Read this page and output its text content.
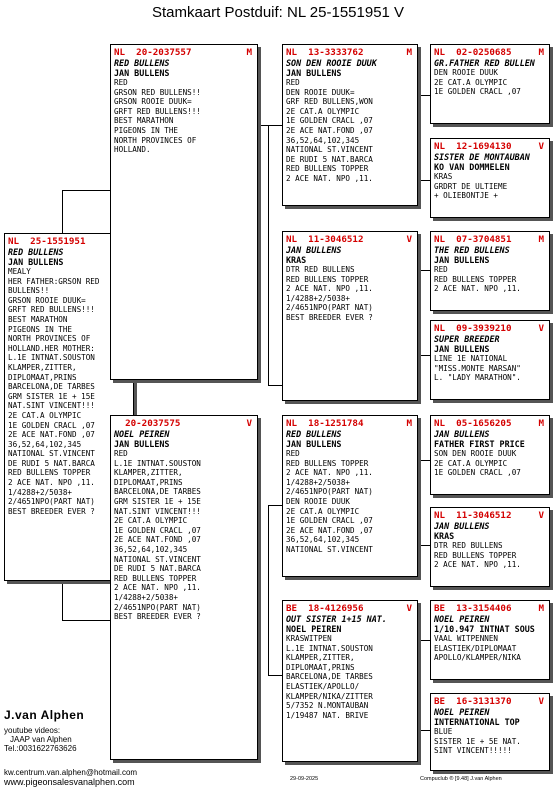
Stamkaart Postduif: NL 25-1551951 V
NL 25-1551951
RED BULLENS
JAN BULLENS
MEALY
HER FATHER:GRSON RED BULLENS!!
GRSON ROOIE DUUK=
GRFT RED BULLENS!!!
BEST MARATHON
PIGEONS IN THE
NORTH PROVINCES OF
HOLLAND.HER MOTHER:
L.1E INTNAT.SOUSTON
KLAMPER,ZITTER,
DIPLOMAAT,PRINS
BARCELONA,DE TARBES
GRM SISTER 1E + 15E
NAT.SINT VINCENT!!!
2E CAT.A OLYMPIC
1E GOLDEN CRACL ,07
2E ACE NAT.FOND ,07
36,52,64,102,345
NATIONAL ST.VINCENT
DE RUDI 5 NAT.BARCA
RED BULLENS TOPPER
2 ACE NAT. NPO ,11.
1/4288+2/5038+
2/4651NPO(PART NAT)
BEST BREEDER EVER ?
NL 20-2037557	M
RED BULLENS
JAN BULLENS
RED
GRSON RED BULLENS!!
GRSON ROOIE DUUK=
GRFT RED BULLENS!!!
BEST MARATHON
PIGEONS IN THE
NORTH PROVINCES OF
HOLLAND.
20-2037575	V
NOEL PEIREN
JAN BULLENS
RED
L.1E INTNAT.SOUSTON
KLAMPER,ZITTER,
DIPLOMAAT,PRINS
BARCELONA,DE TARBES
GRM SISTER 1E + 15E
NAT.SINT VINCENT!!!
2E CAT.A OLYMPIC
1E GOLDEN CRACL ,07
2E ACE NAT.FOND ,07
36,52,64,102,345
NATIONAL ST.VINCENT
DE RUDI 5 NAT.BARCA
RED BULLENS TOPPER
2 ACE NAT. NPO ,11.
1/4288+2/5038+
2/4651NPO(PART NAT)
BEST BREEDER EVER ?
NL 13-3333762	M
SON DEN ROOIE DUUK
JAN BULLENS
RED
DEN ROOIE DUUK=
GRF RED BULLENS,WON
2E CAT.A OLYMPIC
1E GOLDEN CRACL ,07
2E ACE NAT.FOND ,07
36,52,64,102,345
NATIONAL ST.VINCENT
DE RUDI 5 NAT.BARCA
RED BULLENS TOPPER
2 ACE NAT. NPO ,11.
NL 11-3046512	V
JAN BULLENS
KRAS
DTR RED BULLENS
RED BULLENS TOPPER
2 ACE NAT. NPO ,11.
1/4288+2/5038+
2/4651NPO(PART NAT)
BEST BREEDER EVER ?
NL 18-1251784	M
RED BULLENS
JAN BULLENS
RED
RED BULLENS TOPPER
2 ACE NAT. NPO ,11.
1/4288+2/5038+
2/4651NPO(PART NAT)
DEN ROOIE DUUK
2E CAT.A OLYMPIC
1E GOLDEN CRACL ,07
2E ACE NAT.FOND ,07
36,52,64,102,345
NATIONAL ST.VINCENT
BE 18-4126956	V
OUT SISTER 1+15 NAT.
NOEL PEIREN
KRASWITPEN
L.1E INTNAT.SOUSTON
KLAMPER,ZITTER,
DIPLOMAAT,PRINS
BARCELONA,DE TARBES
ELASTIEK/APOLLO/
KLAMPER/NIKA/ZITTER
5/7352 N.MONTAUBAN
1/19487 NAT. BRIVE
NL 02-0250685	M
GR.FATHER RED BULLEN
DEN ROOIE DUUK
2E CAT.A OLYMPIC
1E GOLDEN CRACL ,07
NL 12-1694130	V
SISTER DE MONTAUBAN
KO VAN DOMMELEN
KRAS
GRDRT DE ULTIEME
+ OLIEBONTJE +
NL 07-3704851	M
THE RED BULLENS
JAN BULLENS
RED
RED BULLENS TOPPER
2 ACE NAT. NPO ,11.
NL 09-3939210	V
SUPER BREEDER
JAN BULLENS
LINE 1E NATIONAL
"MISS.MONTE MARSAN"
L. "LADY MARATHON".
NL 05-1656205	M
JAN BULLENS
FATHER FIRST PRICE
SON DEN ROOIE DUUK
2E CAT.A OLYMPIC
1E GOLDEN CRACL ,07
NL 11-3046512	V
JAN BULLENS
KRAS
DTR RED BULLENS
RED BULLENS TOPPER
2 ACE NAT. NPO ,11.
BE 13-3154406	M
NOEL PEIREN
1/10.947 INTNAT SOUS
VAAL WITPENNEN
ELASTIEK/DIPLOMAAT
APOLLO/KLAMPER/NIKA
BE 16-3131370	V
NOEL PEIREN
INTERNATIONAL TOP
BLUE
SISTER 1E + 5E NAT.
SINT VINCENT!!!!!
J.van Alphen
youtube videos:
JAAP van Alphen
Tel.:0031622763626
kw.centrum.van.alphen@hotmail.com
www.pigeonsalesvanalphen.com	29-09-2025	Compuclub ® [9.48] J.van Alphen
